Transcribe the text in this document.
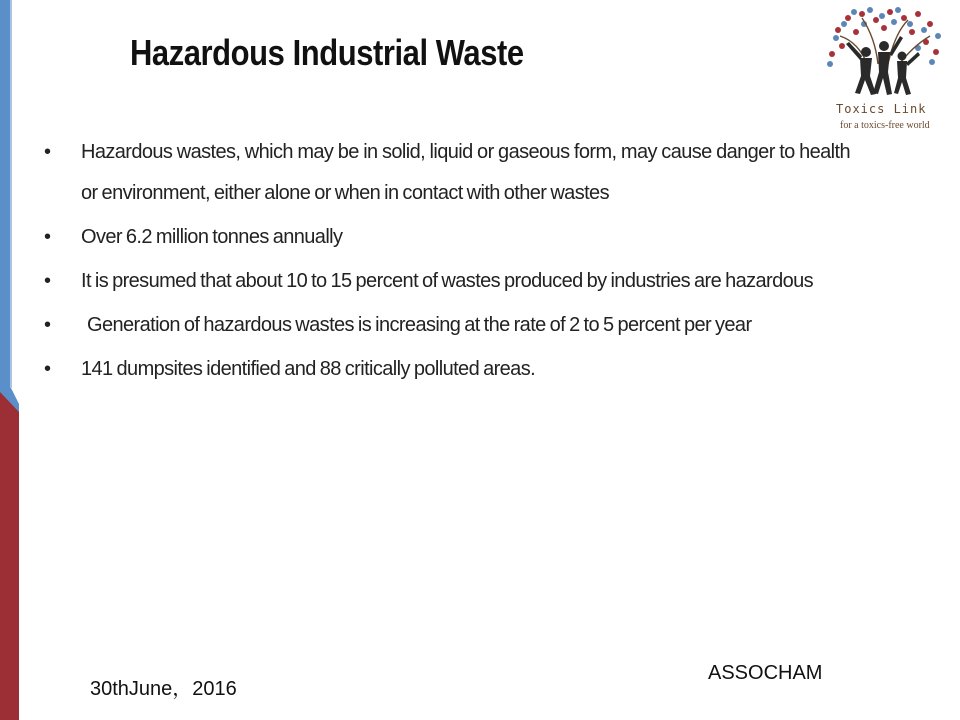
Hazardous Industrial Waste
Toxics Link
for a toxics-free world
• Hazardous wastes, which may be in solid, liquid or gaseous form, may cause danger to health or environment, either alone or when in contact with other wastes
• Over 6.2 million tonnes annually
• It is presumed that about 10 to 15 percent of wastes produced by industries are hazardous
•	Generation of hazardous wastes is increasing at the rate of 2 to 5 percent per year
• 141 dumpsites identified and 88 critically polluted areas.
30thJune，2016
ASSOCHAM
